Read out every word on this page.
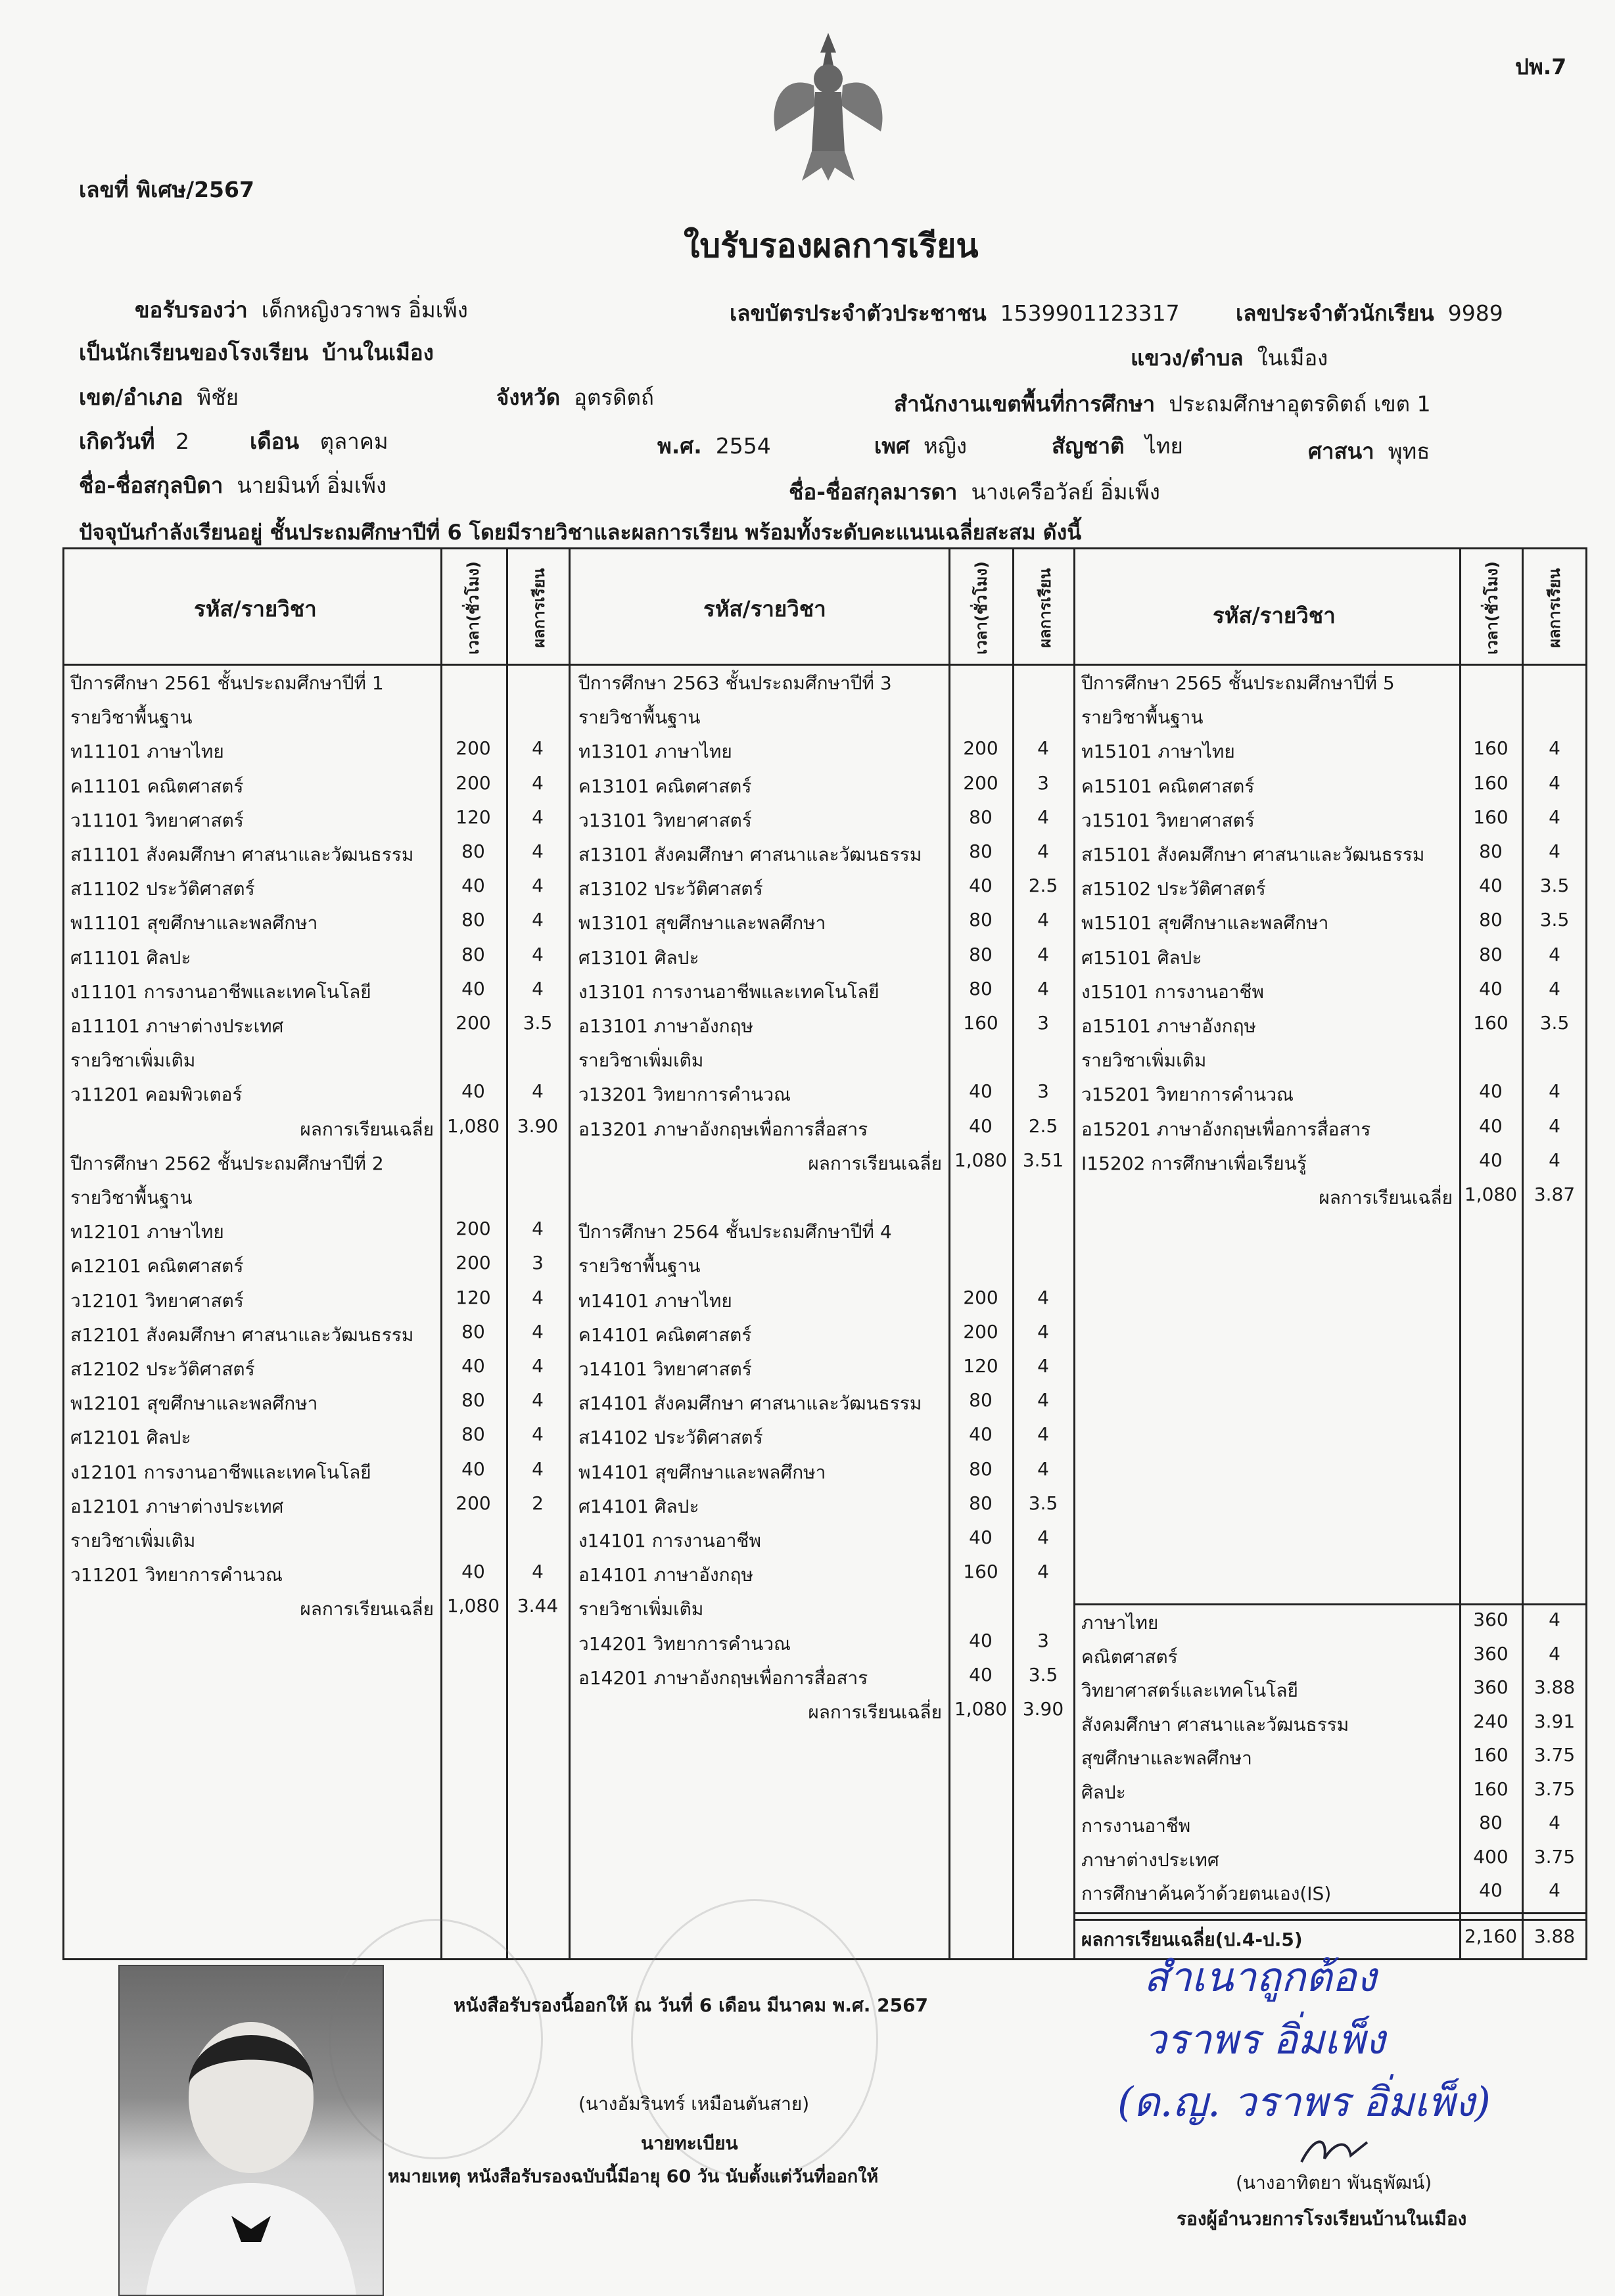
ปพ.7
เลขที่ พิเศษ/2567
ใบรับรองผลการเรียน
ขอรับรองว่า เด็กหญิงวราพร อิ่มเพ็ง	เลขบัตรประจำตัวประชาชน 1539901123317	เลขประจำตัวนักเรียน 9989
เป็นนักเรียนของโรงเรียน บ้านในเมือง	แขวง/ตำบล ในเมือง
เขต/อำเภอ พิชัย	จังหวัด อุตรดิตถ์	สำนักงานเขตพื้นที่การศึกษา ประถมศึกษาอุตรดิตถ์ เขต 1
เกิดวันที่ 2	เดือน ตุลาคม	พ.ศ. 2554	เพศ หญิง	สัญชาติ ไทย	ศาสนา พุทธ
ชื่อ-ชื่อสกุลบิดา นายมินท์ อิ่มเพ็ง	ชื่อ-ชื่อสกุลมารดา นางเครือวัลย์ อิ่มเพ็ง
ปัจจุบันกำลังเรียนอยู่ ชั้นประถมศึกษาปีที่ 6 โดยมีรายวิชาและผลการเรียน พร้อมทั้งระดับคะแนนเฉลี่ยสะสม ดังนี้
รหัส/รายวิชา	เวลา(ชั่วโมง)	ผลการเรียน	รหัส/รายวิชา	เวลา(ชั่วโมง)	ผลการเรียน	รหัส/รายวิชา	เวลา(ชั่วโมง)	ผลการเรียน
ปีการศึกษา 2561 ชั้นประถมศึกษาปีที่ 1
รายวิชาพื้นฐาน
ท11101 ภาษาไทย	200	4
ค11101 คณิตศาสตร์	200	4
ว11101 วิทยาศาสตร์	120	4
ส11101 สังคมศึกษา ศาสนาและวัฒนธรรม	80	4
ส11102 ประวัติศาสตร์	40	4
พ11101 สุขศึกษาและพลศึกษา	80	4
ศ11101 ศิลปะ	80	4
ง11101 การงานอาชีพและเทคโนโลยี	40	4
อ11101 ภาษาต่างประเทศ	200	3.5
รายวิชาเพิ่มเติม
ว11201 คอมพิวเตอร์	40	4
ผลการเรียนเฉลี่ย 1,080 3.90
ปีการศึกษา 2562 ชั้นประถมศึกษาปีที่ 2
รายวิชาพื้นฐาน
ท12101 ภาษาไทย	200	4
ค12101 คณิตศาสตร์	200	3
ว12101 วิทยาศาสตร์	120	4
ส12101 สังคมศึกษา ศาสนาและวัฒนธรรม	80	4
ส12102 ประวัติศาสตร์	40	4
พ12101 สุขศึกษาและพลศึกษา	80	4
ศ12101 ศิลปะ	80	4
ง12101 การงานอาชีพและเทคโนโลยี	40	4
อ12101 ภาษาต่างประเทศ	200	2
รายวิชาเพิ่มเติม
ว11201 วิทยาการคำนวณ	40	4
ผลการเรียนเฉลี่ย 1,080 3.44
ปีการศึกษา 2563 ชั้นประถมศึกษาปีที่ 3
รายวิชาพื้นฐาน
ท13101 ภาษาไทย	200	4
ค13101 คณิตศาสตร์	200	3
ว13101 วิทยาศาสตร์	80	4
ส13101 สังคมศึกษา ศาสนาและวัฒนธรรม	80	4
ส13102 ประวัติศาสตร์	40	2.5
พ13101 สุขศึกษาและพลศึกษา	80	4
ศ13101 ศิลปะ	80	4
ง13101 การงานอาชีพและเทคโนโลยี	80	4
อ13101 ภาษาอังกฤษ	160	3
รายวิชาเพิ่มเติม
ว13201 วิทยาการคำนวณ	40	3
อ13201 ภาษาอังกฤษเพื่อการสื่อสาร	40	2.5
ผลการเรียนเฉลี่ย 1,080 3.51
ปีการศึกษา 2564 ชั้นประถมศึกษาปีที่ 4
รายวิชาพื้นฐาน
ท14101 ภาษาไทย	200	4
ค14101 คณิตศาสตร์	200	4
ว14101 วิทยาศาสตร์	120	4
ส14101 สังคมศึกษา ศาสนาและวัฒนธรรม	80	4
ส14102 ประวัติศาสตร์	40	4
พ14101 สุขศึกษาและพลศึกษา	80	4
ศ14101 ศิลปะ	80	3.5
ง14101 การงานอาชีพ	40	4
อ14101 ภาษาอังกฤษ	160	4
รายวิชาเพิ่มเติม
ว14201 วิทยาการคำนวณ	40	3
อ14201 ภาษาอังกฤษเพื่อการสื่อสาร	40	3.5
ผลการเรียนเฉลี่ย 1,080 3.90
ปีการศึกษา 2565 ชั้นประถมศึกษาปีที่ 5
รายวิชาพื้นฐาน
ท15101 ภาษาไทย	160	4
ค15101 คณิตศาสตร์	160	4
ว15101 วิทยาศาสตร์	160	4
ส15101 สังคมศึกษา ศาสนาและวัฒนธรรม	80	4
ส15102 ประวัติศาสตร์	40	3.5
พ15101 สุขศึกษาและพลศึกษา	80	3.5
ศ15101 ศิลปะ	80	4
ง15101 การงานอาชีพ	40	4
อ15101 ภาษาอังกฤษ	160	3.5
รายวิชาเพิ่มเติม
ว15201 วิทยาการคำนวณ	40	4
อ15201 ภาษาอังกฤษเพื่อการสื่อสาร	40	4
I15202 การศึกษาเพื่อเรียนรู้	40	4
ผลการเรียนเฉลี่ย 1,080 3.87
ภาษาไทย	360	4
คณิตศาสตร์	360	4
วิทยาศาสตร์และเทคโนโลยี	360	3.88
สังคมศึกษา ศาสนาและวัฒนธรรม	240	3.91
สุขศึกษาและพลศึกษา	160	3.75
ศิลปะ	160	3.75
การงานอาชีพ	80	4
ภาษาต่างประเทศ	400	3.75
การศึกษาค้นคว้าด้วยตนเอง(IS)	40	4
ผลการเรียนเฉลี่ย(ป.4-ป.5)	2,160 3.88
หนังสือรับรองนี้ออกให้ ณ วันที่ 6 เดือน มีนาคม พ.ศ. 2567
(นางอัมรินทร์ เหมือนตันสาย)
นายทะเบียน
หมายเหตุ หนังสือรับรองฉบับนี้มีอายุ 60 วัน นับตั้งแต่วันที่ออกให้
สำเนาถูกต้อง
วราพร อิ่มเพ็ง
(ด.ญ. วราพร อิ่มเพ็ง)
(นางอาทิตยา พันธุพัฒน์)
รองผู้อำนวยการโรงเรียนบ้านในเมือง
